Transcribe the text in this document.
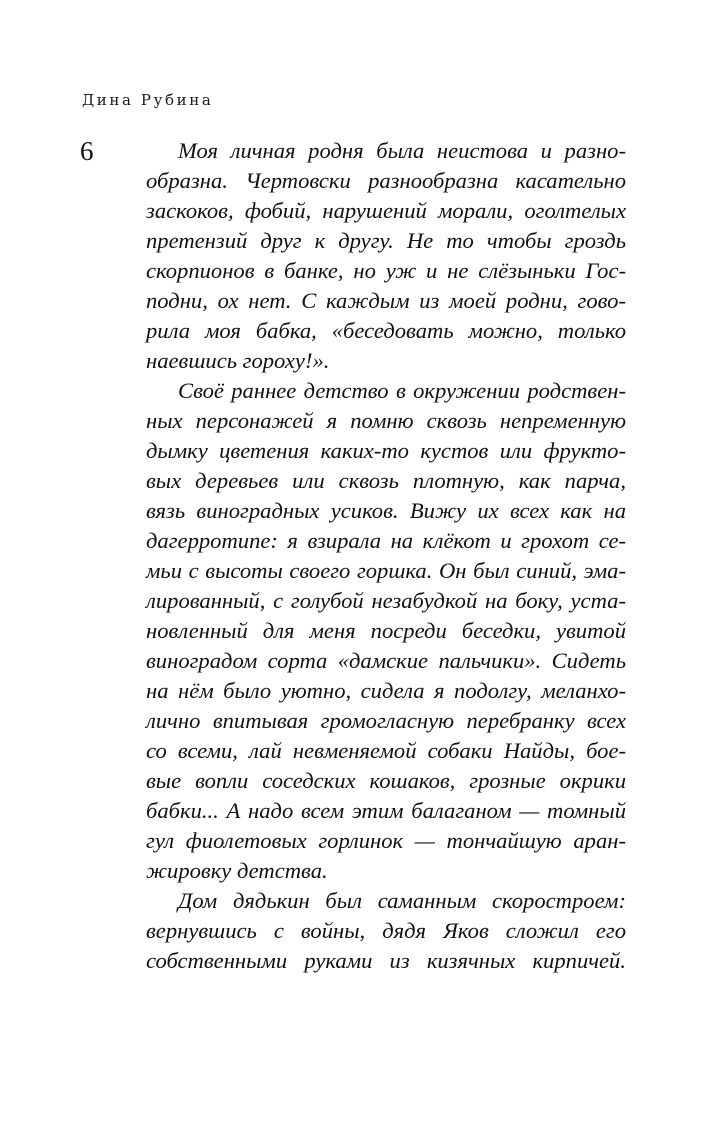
Дина Рубина
6	Моя личная родня была неистова и разно-
образна. Чертовски разнообразна касательно
заскоков, фобий, нарушений морали, оголтелых
претензий друг к другу. Не то чтобы гроздь
скорпионов в банке, но уж и не слёзыньки Гос-
подни, ох нет. С каждым из моей родни, гово-
рила моя бабка, «беседовать можно, только
наевшись гороху!».
Своё раннее детство в окружении родствен-
ных персонажей я помню сквозь непременную
дымку цветения каких-то кустов или фрукто-
вых деревьев или сквозь плотную, как парча,
вязь виноградных усиков. Вижу их всех как на
дагерротипе: я взирала на клёкот и грохот се-
мьи с высоты своего горшка. Он был синий, эма-
лированный, с голубой незабудкой на боку, уста-
новленный для меня посреди беседки, увитой
виноградом сорта «дамские пальчики». Сидеть
на нём было уютно, сидела я подолгу, меланхо-
лично впитывая громогласную перебранку всех
со всеми, лай невменяемой собаки Найды, бое-
вые вопли соседских кошаков, грозные окрики
бабки... А надо всем этим балаганом — томный
гул фиолетовых горлинок — тончайшую аран-
жировку детства.
Дом дядькин был саманным скоростроем:
вернувшись с войны, дядя Яков сложил его
собственными руками из кизячных кирпичей.
